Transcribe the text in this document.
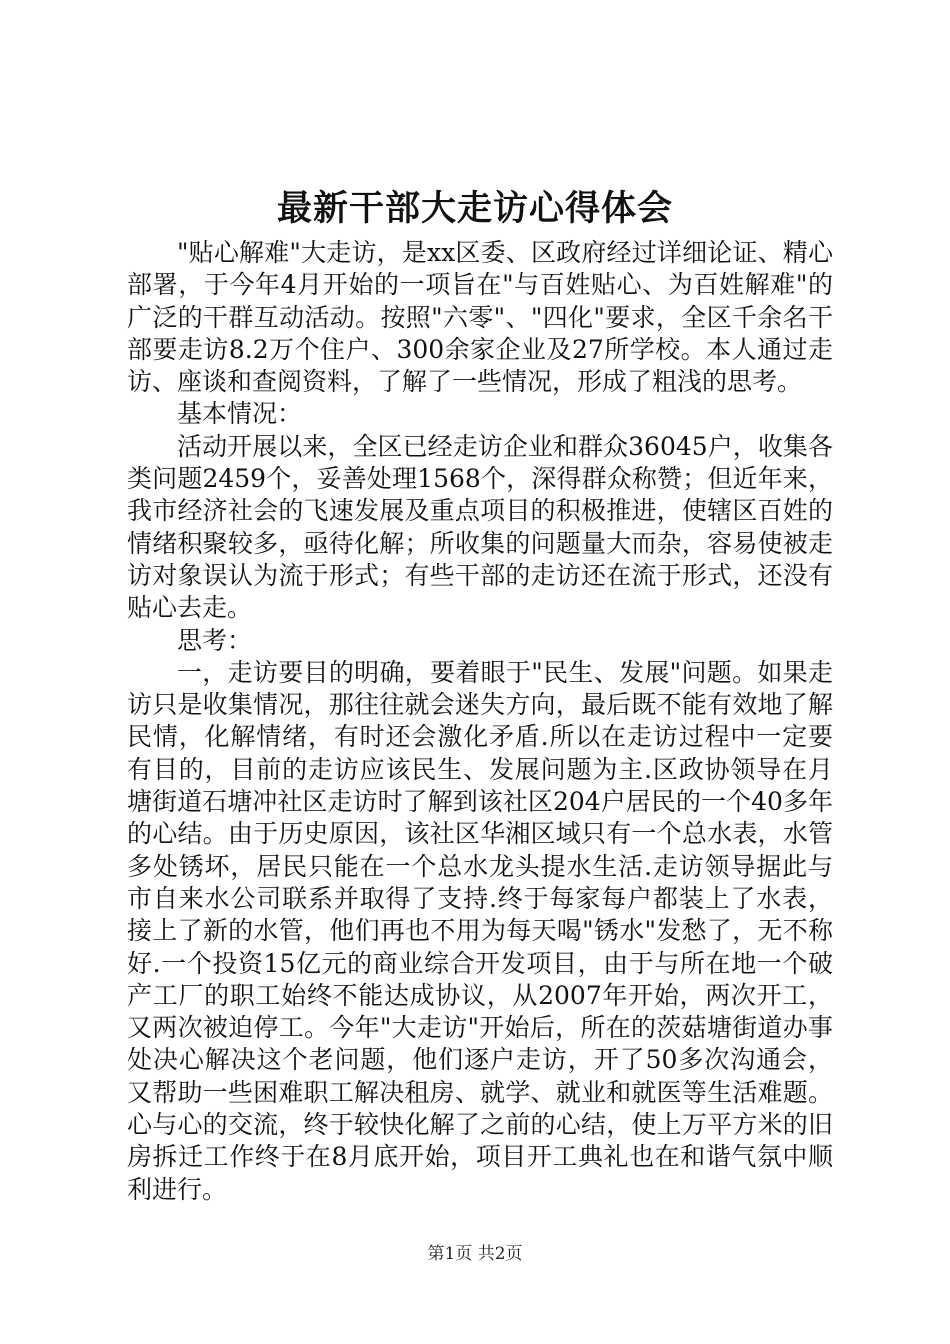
最新干部大走访心得体会

"贴心解难"大走访，是xx区委、区政府经过详细论证、精心部署，于今年4月开始的一项旨在"与百姓贴心、为百姓解难"的广泛的干群互动活动。按照"六零"、"四化"要求，全区千余名干部要走访8.2万个住户、300余家企业及27所学校。本人通过走访、座谈和查阅资料，了解了一些情况，形成了粗浅的思考。

基本情况：

活动开展以来，全区已经走访企业和群众36045户，收集各类问题2459个，妥善处理1568个，深得群众称赞；但近年来，我市经济社会的飞速发展及重点项目的积极推进，使辖区百姓的情绪积聚较多，亟待化解；所收集的问题量大而杂，容易使被走访对象误认为流于形式；有些干部的走访还在流于形式，还没有贴心去走。

思考：

一，走访要目的明确，要着眼于"民生、发展"问题。如果走访只是收集情况，那往往就会迷失方向，最后既不能有效地了解民情，化解情绪，有时还会激化矛盾.所以在走访过程中一定要有目的，目前的走访应该民生、发展问题为主.区政协领导在月塘街道石塘冲社区走访时了解到该社区204户居民的一个40多年的心结。由于历史原因，该社区华湘区域只有一个总水表，水管多处锈坏，居民只能在一个总水龙头提水生活.走访领导据此与市自来水公司联系并取得了支持.终于每家每户都装上了水表，接上了新的水管，他们再也不用为每天喝"锈水"发愁了，无不称好.一个投资15亿元的商业综合开发项目，由于与所在地一个破产工厂的职工始终不能达成协议，从2007年开始，两次开工，又两次被迫停工。今年"大走访"开始后，所在的茨菇塘街道办事处决心解决这个老问题，他们逐户走访，开了50多次沟通会，又帮助一些困难职工解决租房、就学、就业和就医等生活难题。心与心的交流，终于较快化解了之前的心结，使上万平方米的旧房拆迁工作终于在8月底开始，项目开工典礼也在和谐气氛中顺利进行。

第1页 共2页
